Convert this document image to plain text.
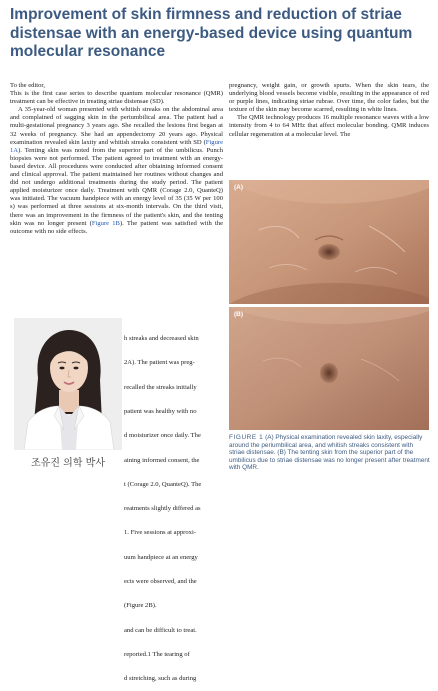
Improvement of skin firmness and reduction of striae distensae with an energy-based device using quantum molecular resonance

To the editor,

This is the first case series to describe quantum molecular resonance (QMR) treatment can be effective in treating striae distensae (SD).

A 35-year-old woman presented with whitish streaks on the abdominal area and complained of sagging skin in the periumbilical area. The patient had a multi-gestational pregnancy 3 years ago. She recalled the lesions first began at 32 weeks of pregnancy. She had an appendectomy 20 years ago. Physical examination revealed skin laxity and whitish streaks consistent with SD (Figure 1A). Tenting skin was noted from the superior part of the umbilicus. Punch biopsies were not performed. The patient agreed to treatment with an energy-based device. All procedures were conducted after obtaining informed consent and clinical approval. The patient maintained her routines without changes and did not undergo additional treatments during the study period. The patient applied moisturizer once daily. Treatment with QMR (Corage 2.0, QuanteQ) was initiated. The vacuum handpiece with an energy level of 35 (35 W per 100 s) was performed at three sessions at six-month intervals. On the third visit, there was an improvement in the firmness of the patient's skin, and the tenting skin was no longer present (Figure 1B). The patient was satisfied with the outcome with no side effects.

h streaks and decreased skin

2A). The patient was preg-

recalled the streaks initially

patient was healthy with no

d moisturizer once daily. The

aining informed consent, the

t (Corage 2.0, QuanteQ). The

reatments slightly differed as

1. Five sessions at approxi-

uum handpiece at an energy

ects were observed, and the

(Figure 2B).

and can be difficult to treat.

reported.1 The tearing of

d stretching, such as during

조유진 의학 박사

pregnancy, weight gain, or growth spurts. When the skin tears, the underlying blood vessels become visible, resulting in the appearance of red or purple lines, indicating striae rubrae. Over time, the color fades, but the texture of the skin may become scarred, resulting in white lines.

The QMR technology produces 16 multiple resonance waves with a low intensity from 4 to 64 MHz that affect molecular bonding. QMR induces cellular regeneration at a molecular level. The

(A)
(B)
FIGURE 1 (A) Physical examination revealed skin laxity, especially around the periumbilical area, and whitish streaks consistent with striae distensae. (B) The tenting skin from the superior part of the umbilicus due to striae distensae was no longer present after treatment with QMR.
